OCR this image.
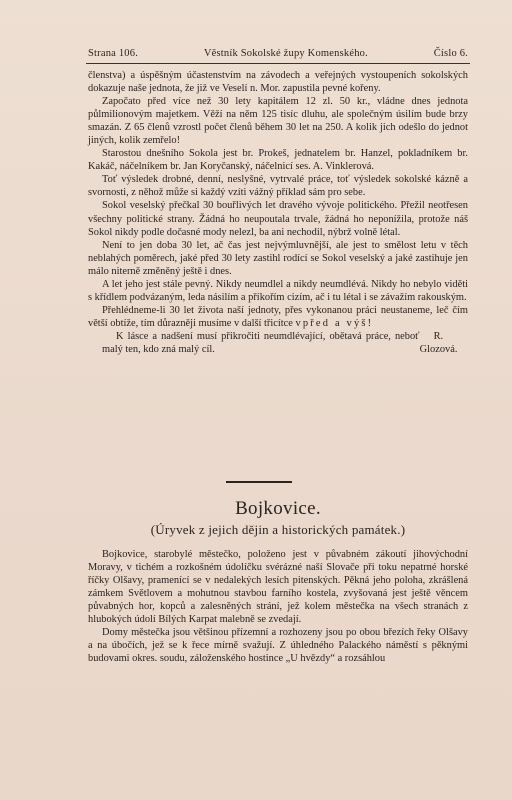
Strana 106.	Věstník Sokolské župy Komenského.	Číslo 6.

členstva) a úspěšným účastenstvím na závodech a veřejných vystoupeních sokolských dokazuje naše jednota, že již ve Veselí n. Mor. zapustila pevné kořeny.

Započato před více než 30 lety kapitálem 12 zl. 50 kr., vládne dnes jednota půlmilionovým majetkem. Věží na něm 125 tisíc dluhu, ale společným úsilím bude brzy smazán. Z 65 členů vzrostl počet členů během 30 let na 250. A kolik jich odešlo do jednot jiných, kolik zemřelo!

Starostou dnešního Sokola jest br. Prokeš, jednatelem br. Hanzel, pokladníkem br. Kakáč, náčelníkem br. Jan Koryčanský, náčelnicí ses. A. Vinklerová.

Toť výsledek drobné, denní, neslyšné, vytrvalé práce, toť výsledek sokolské kázně a svornosti, z něhož může si každý vzíti vážný příklad sám pro sebe.

Sokol veselský přečkal 30 bouřlivých let dravého vývoje politického. Přežil neotřesen všechny politické strany. Žádná ho neupoutala trvale, žádná ho neponížila, protože náš Sokol nikdy podle dočasné mody nelezl, ba ani nechodil, nýbrž volně létal.

Není to jen doba 30 let, ač čas jest nejvýmluvnější, ale jest to smělost letu v těch neblahých poměrech, jaké před 30 lety zastihl rodící se Sokol veselský a jaké zastihuje jen málo niterně změněný ještě i dnes.

A let jeho jest stále pevný. Nikdy neumdlel a nikdy neumdlévá. Nikdy ho nebylo viděti s křídlem podvázaným, leda násilím a příkořím cizím, ač i tu létal i se závažím rakouským.

Přehlédneme-li 30 let života naší jednoty, přes vykonanou práci neustaneme, leč čím větší obtíže, tím důrazněji musíme v další třicítce vpřed a výš!

K lásce a nadšení musí přikročiti neumdlévající, obětavá práce, neboť malý ten, kdo zná malý cíl.
R. Glozová.

Bojkovice.
(Úryvek z jejich dějin a historických památek.)

Bojkovice, starobylé městečko, položeno jest v půvabném zákoutí jihovýchodní Moravy, v tichém a rozkošném údolíčku svérázné naší Slovače při toku nepatrné horské říčky Olšavy, pramenící se v nedalekých lesích pitenských. Pěkná jeho poloha, zkrášlená zámkem Světlovem a mohutnou stavbou farního kostela, zvyšovaná jest ještě věncem půvabných hor, kopců a zalesněných strání, jež kolem městečka na všech stranách z hlubokých údolí Bílých Karpat malebně se zvedají.

Domy městečka jsou většinou přízemní a rozhozeny jsou po obou březích řeky Olšavy a na úbočích, jež se k řece mírně svažují. Z úhledného Palackého náměstí s pěknými budovami okres. soudu, záloženského hostince „U hvězdy“ a rozsáhlou
